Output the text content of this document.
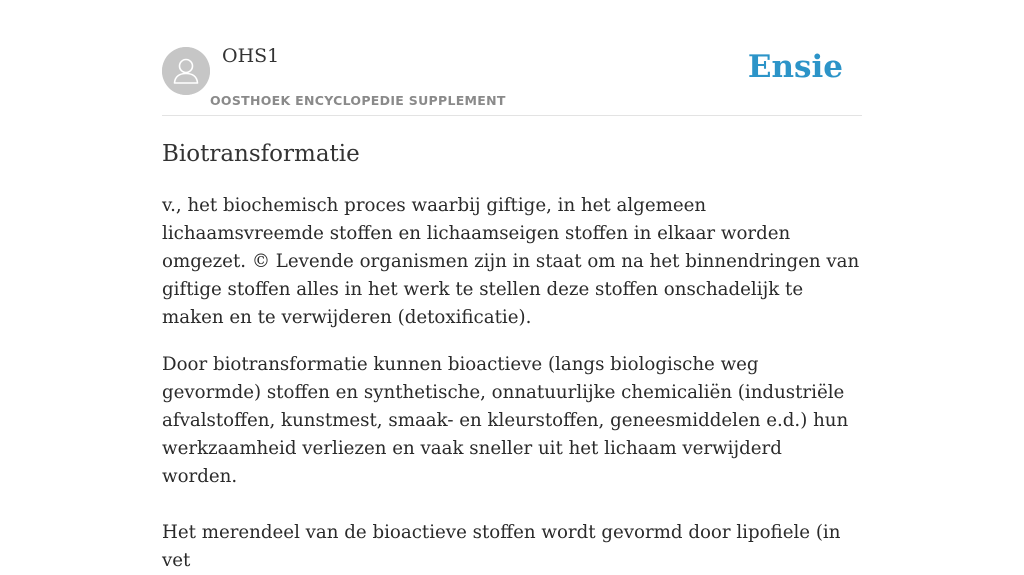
OHS1
OOSTHOEK ENCYCLOPEDIE SUPPLEMENT
Ensie
Biotransformatie

v., het biochemisch proces waarbij giftige, in het algemeen lichaamsvreemde stoffen en lichaamseigen stoffen in elkaar worden omgezet. © Levende organismen zijn in staat om na het binnendringen van giftige stoffen alles in het werk te stellen deze stoffen onschadelijk te maken en te verwijderen (detoxificatie).

Door biotransformatie kunnen bioactieve (langs biologische weg gevormde) stoffen en synthetische, onnatuurlijke chemicaliën (industriële afvalstoffen, kunstmest, smaak- en kleurstoffen, geneesmiddelen e.d.) hun werkzaamheid verliezen en vaak sneller uit het lichaam verwijderd worden.

Het merendeel van de bioactieve stoffen wordt gevormd door lipofiele (in vet
